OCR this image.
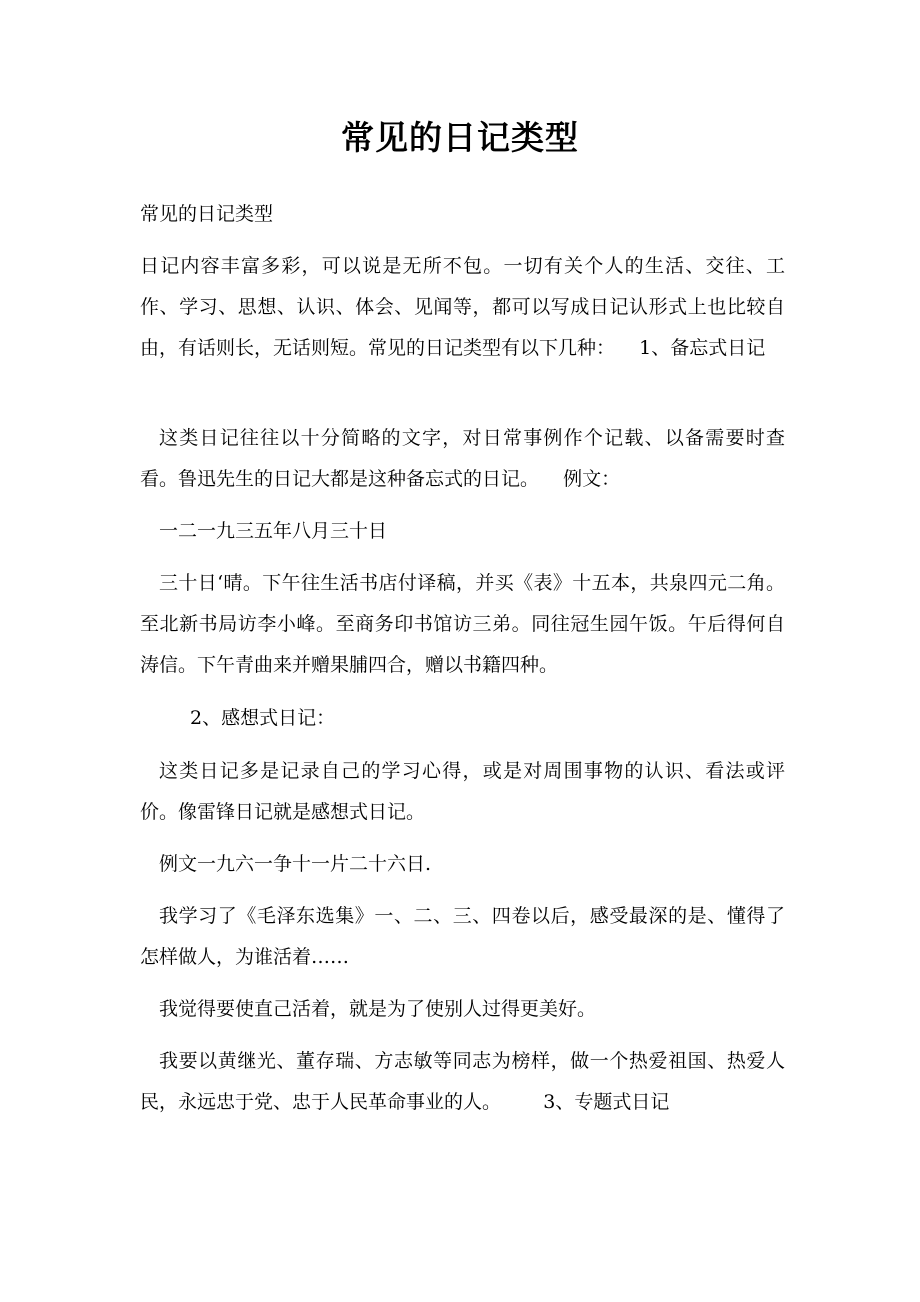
常见的日记类型

常见的日记类型

日记内容丰富多彩，可以说是无所不包。一切有关个人的生活、交往、工作、学习、思想、认识、体会、见闻等，都可以写成日记认形式上也比较自由，有话则长，无话则短。常见的日记类型有以下几种：    1、备忘式日记

这类日记往往以十分简略的文字，对日常事例作个记载、以备需要时查看。鲁迅先生的日记大都是这种备忘式的日记。    例文：

一二一九三五年八月三十日

三十日‘晴。下午往生活书店付译稿，并买《表》十五本，共泉四元二角。至北新书局访李小峰。至商务印书馆访三弟。同往冠生园午饭。午后得何自涛信。下午青曲来并赠果脯四合，赠以书籍四种。

2、感想式日记：

这类日记多是记录自己的学习心得，或是对周围事物的认识、看法或评价。像雷锋日记就是感想式日记。

例文一九六一争十一片二十六日.

我学习了《毛泽东选集》一、二、三、四卷以后，感受最深的是、懂得了怎样做人，为谁活着……

我觉得要使直己活着，就是为了使别人过得更美好。

我要以黄继光、董存瑞、方志敏等同志为榜样，做一个热爱祖国、热爱人民，永远忠于党、忠于人民革命事业的人。       3、专题式日记
